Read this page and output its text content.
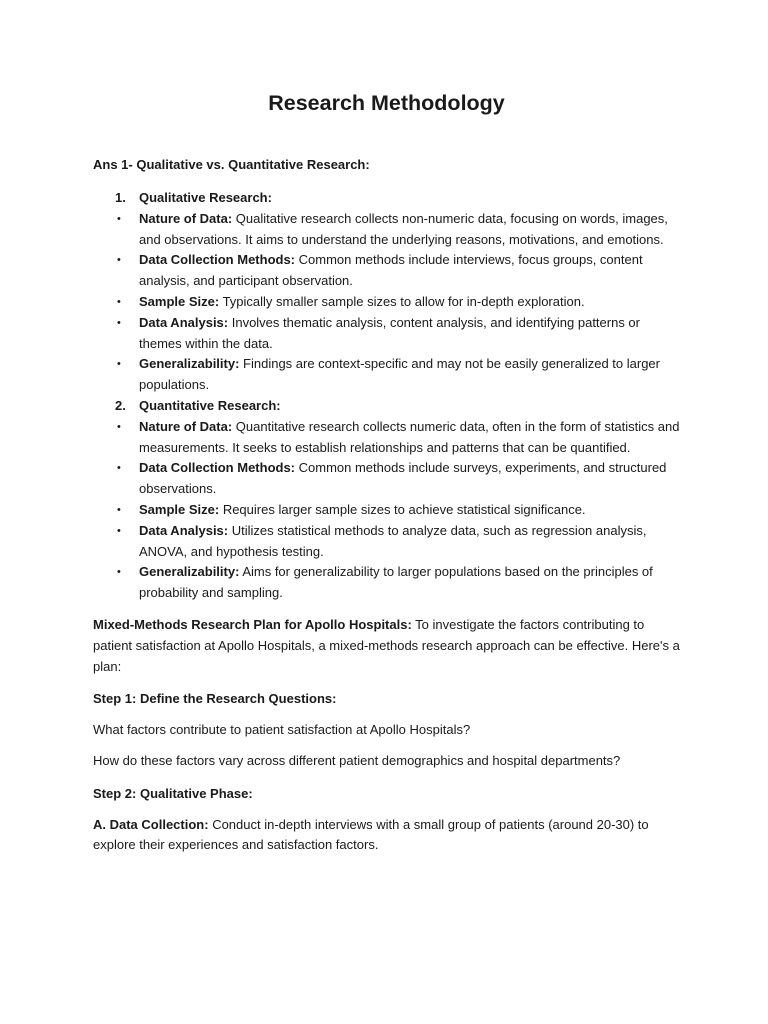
Research Methodology
Ans 1- Qualitative vs. Quantitative Research:
1. Qualitative Research:
• Nature of Data: Qualitative research collects non-numeric data, focusing on words, images, and observations. It aims to understand the underlying reasons, motivations, and emotions.
• Data Collection Methods: Common methods include interviews, focus groups, content analysis, and participant observation.
• Sample Size: Typically smaller sample sizes to allow for in-depth exploration.
• Data Analysis: Involves thematic analysis, content analysis, and identifying patterns or themes within the data.
• Generalizability: Findings are context-specific and may not be easily generalized to larger populations.
2. Quantitative Research:
• Nature of Data: Quantitative research collects numeric data, often in the form of statistics and measurements. It seeks to establish relationships and patterns that can be quantified.
• Data Collection Methods: Common methods include surveys, experiments, and structured observations.
• Sample Size: Requires larger sample sizes to achieve statistical significance.
• Data Analysis: Utilizes statistical methods to analyze data, such as regression analysis, ANOVA, and hypothesis testing.
• Generalizability: Aims for generalizability to larger populations based on the principles of probability and sampling.

Mixed-Methods Research Plan for Apollo Hospitals: To investigate the factors contributing to patient satisfaction at Apollo Hospitals, a mixed-methods research approach can be effective. Here's a plan:

Step 1: Define the Research Questions:

What factors contribute to patient satisfaction at Apollo Hospitals?

How do these factors vary across different patient demographics and hospital departments?

Step 2: Qualitative Phase:

A. Data Collection: Conduct in-depth interviews with a small group of patients (around 20-30) to explore their experiences and satisfaction factors.
